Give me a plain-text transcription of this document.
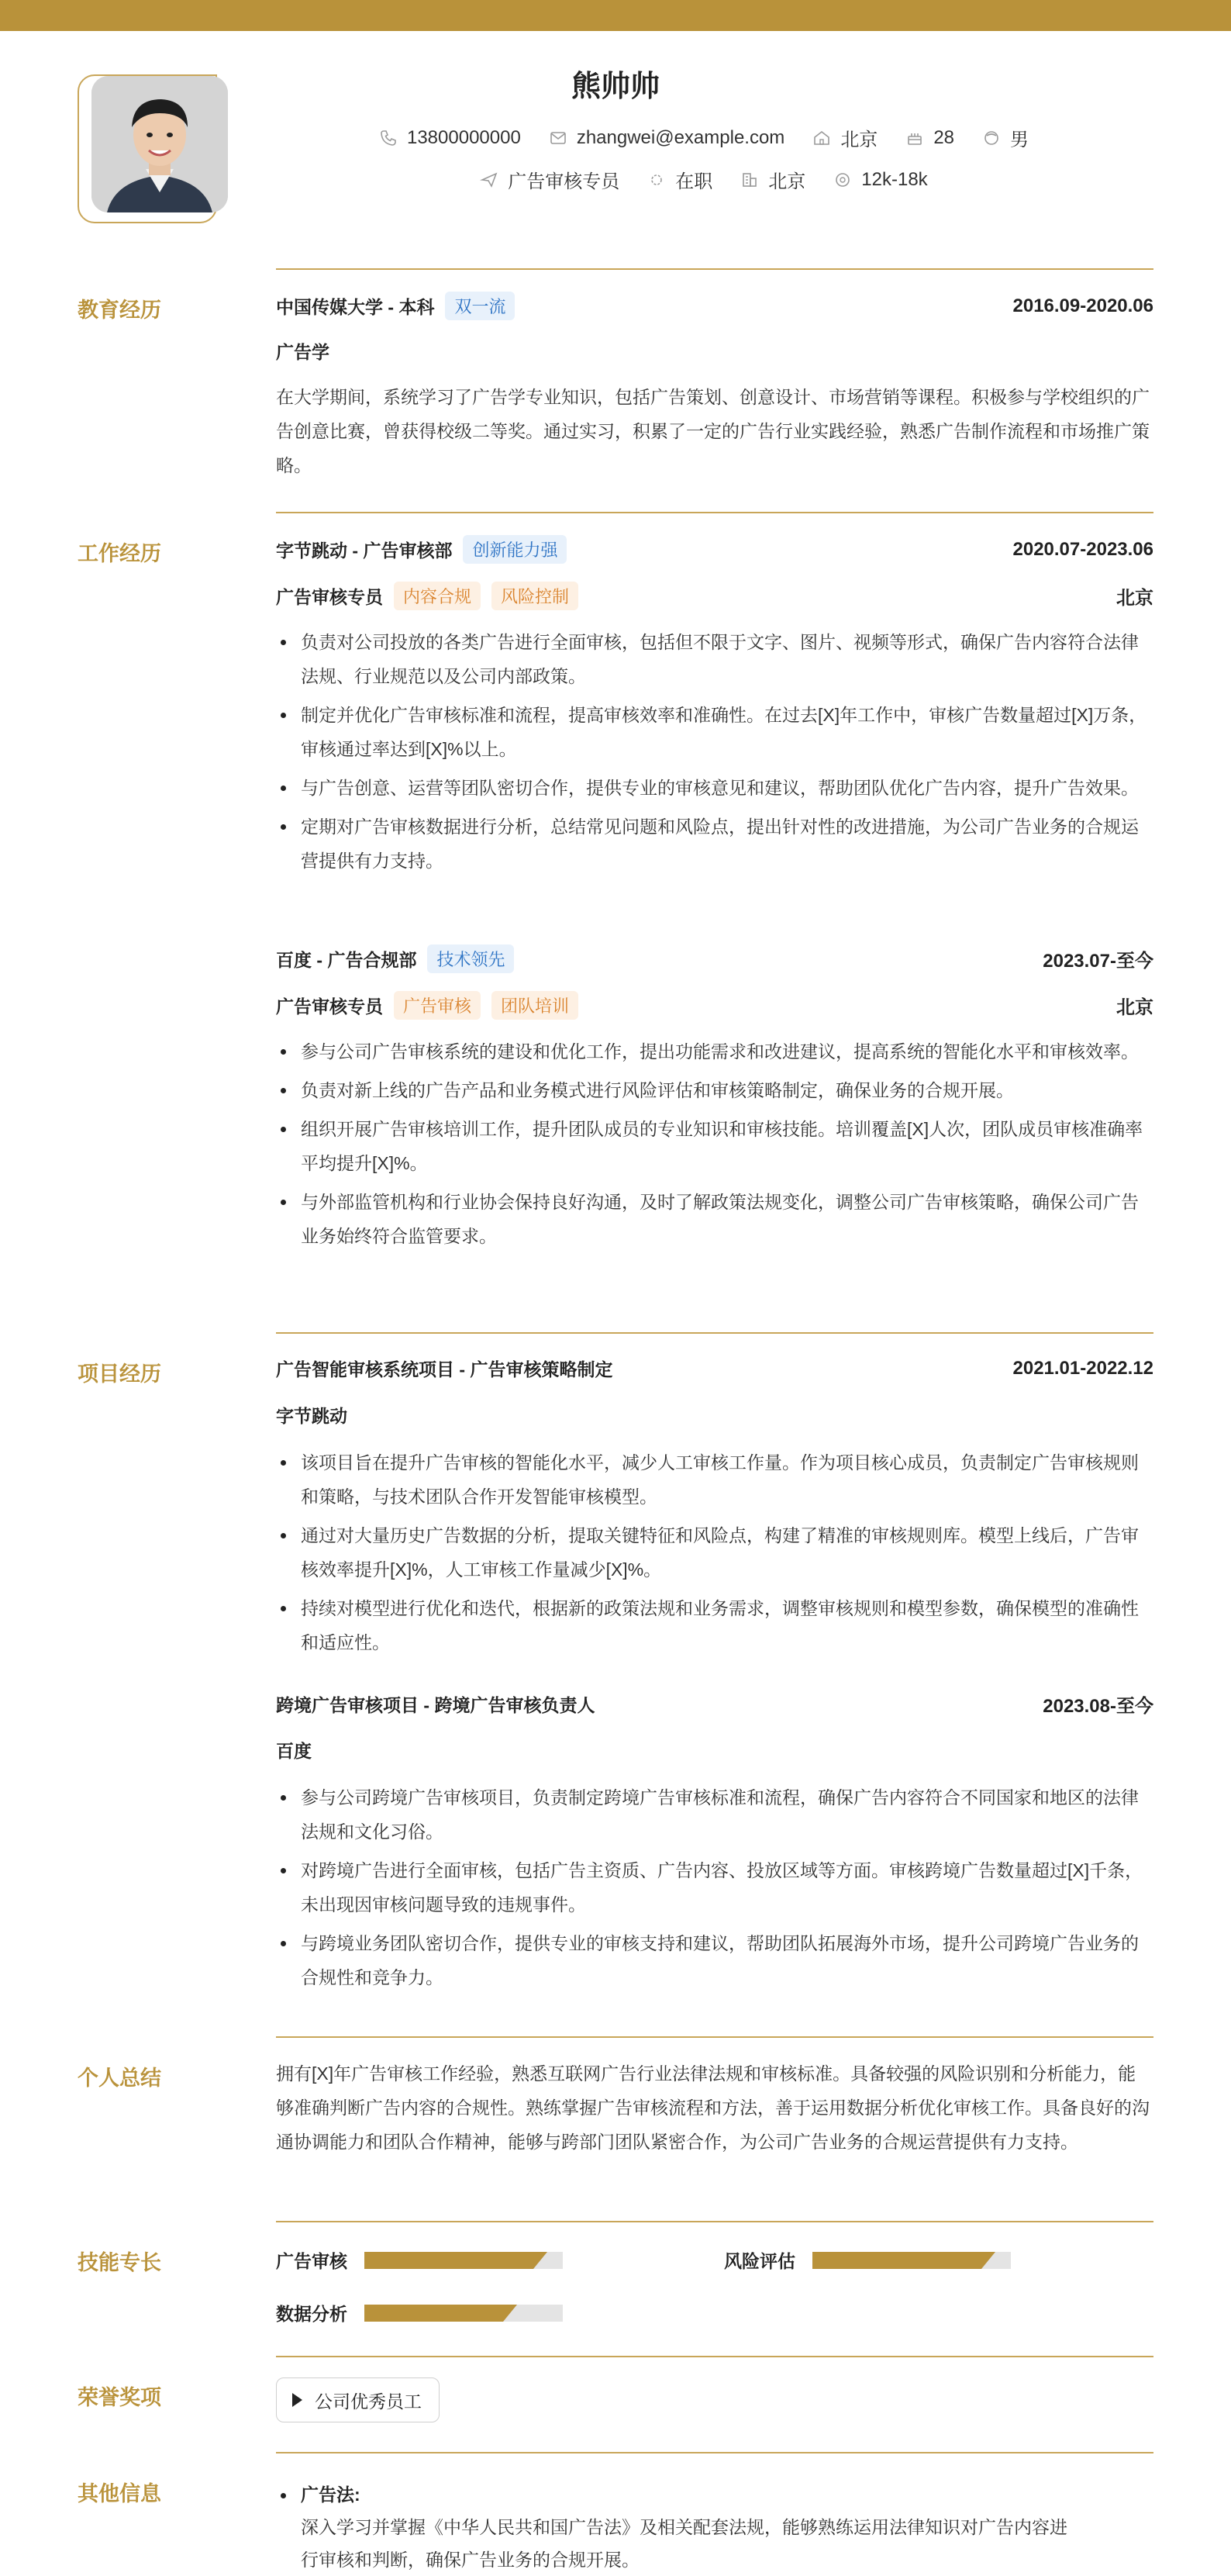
熊帅帅
13800000000	zhangwei@example.com	北京	28	男
广告审核专员	在职	北京	12k-18k
教育经历	中国传媒大学 - 本科	双一流	2016.09-2020.06
广告学

在大学期间，系统学习了广告学专业知识，包括广告策划、创意设计、市场营销等课程。积极参与学校组织的广告创意比赛，曾获得校级二等奖。通过实习，积累了一定的广告行业实践经验，熟悉广告制作流程和市场推广策略。

工作经历	字节跳动 - 广告审核部	创新能力强	2020.07-2023.06
广告审核专员	内容合规	风险控制	北京
负责对公司投放的各类广告进行全面审核，包括但不限于文字、图片、视频等形式，确保广告内容符合法律法规、行业规范以及公司内部政策。
制定并优化广告审核标准和流程，提高审核效率和准确性。在过去[X]年工作中，审核广告数量超过[X]万条，审核通过率达到[X]%以上。
与广告创意、运营等团队密切合作，提供专业的审核意见和建议，帮助团队优化广告内容，提升广告效果。
定期对广告审核数据进行分析，总结常见问题和风险点，提出针对性的改进措施，为公司广告业务的合规运营提供有力支持。
百度 - 广告合规部	技术领先	2023.07-至今
广告审核专员	广告审核	团队培训	北京
参与公司广告审核系统的建设和优化工作，提出功能需求和改进建议，提高系统的智能化水平和审核效率。
负责对新上线的广告产品和业务模式进行风险评估和审核策略制定，确保业务的合规开展。
组织开展广告审核培训工作，提升团队成员的专业知识和审核技能。培训覆盖[X]人次，团队成员审核准确率平均提升[X]%。
与外部监管机构和行业协会保持良好沟通，及时了解政策法规变化，调整公司广告审核策略，确保公司广告业务始终符合监管要求。
项目经历	广告智能审核系统项目 - 广告审核策略制定	2021.01-2022.12
字节跳动
该项目旨在提升广告审核的智能化水平，减少人工审核工作量。作为项目核心成员，负责制定广告审核规则和策略，与技术团队合作开发智能审核模型。
通过对大量历史广告数据的分析，提取关键特征和风险点，构建了精准的审核规则库。模型上线后，广告审核效率提升[X]%，人工审核工作量减少[X]%。
持续对模型进行优化和迭代，根据新的政策法规和业务需求，调整审核规则和模型参数，确保模型的准确性和适应性。
跨境广告审核项目 - 跨境广告审核负责人	2023.08-至今
百度
参与公司跨境广告审核项目，负责制定跨境广告审核标准和流程，确保广告内容符合不同国家和地区的法律法规和文化习俗。
对跨境广告进行全面审核，包括广告主资质、广告内容、投放区域等方面。审核跨境广告数量超过[X]千条，未出现因审核问题导致的违规事件。
与跨境业务团队密切合作，提供专业的审核支持和建议，帮助团队拓展海外市场，提升公司跨境广告业务的合规性和竞争力。
个人总结	拥有[X]年广告审核工作经验，熟悉互联网广告行业法律法规和审核标准。具备较强的风险识别和分析能力，能够准确判断广告内容的合规性。熟练掌握广告审核流程和方法，善于运用数据分析优化审核工作。具备良好的沟通协调能力和团队合作精神，能够与跨部门团队紧密合作，为公司广告业务的合规运营提供有力支持。

技能专长	广告审核	风险评估
数据分析
荣誉奖项	公司优秀员工
其他信息	广告法:深入学习并掌握《中华人民共和国广告法》及相关配套法规，能够熟练运用法律知识对广告内容进行审核和判断，确保广告业务的合规开展。
